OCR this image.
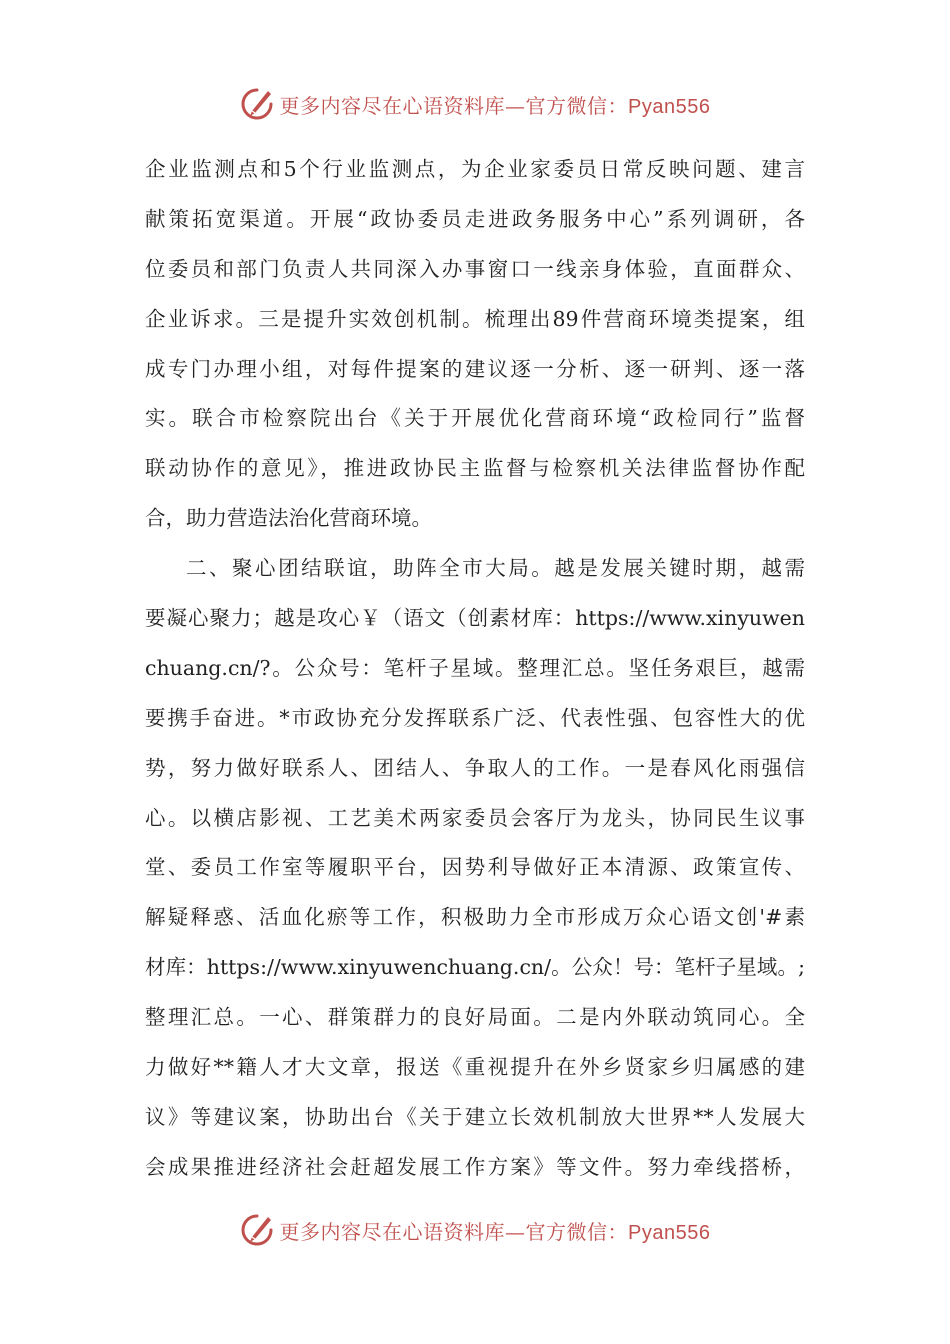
更多内容尽在心语资料库—官方微信：Pyan556
企业监测点和5个行业监测点，为企业家委员日常反映问题、建言
献策拓宽渠道。开展“政协委员走进政务服务中心”系列调研，各
位委员和部门负责人共同深入办事窗口一线亲身体验，直面群众、
企业诉求。三是提升实效创机制。梳理出89件营商环境类提案，组
成专门办理小组，对每件提案的建议逐一分析、逐一研判、逐一落
实。联合市检察院出台《关于开展优化营商环境“政检同行”监督
联动协作的意见》，推进政协民主监督与检察机关法律监督协作配
合，助力营造法治化营商环境。
二、聚心团结联谊，助阵全市大局。越是发展关键时期，越需
要凝心聚力；越是攻心￥（语文（创素材库：https://www.xinyuwen
chuang.cn/?。公众号：笔杆子星域。整理汇总。坚任务艰巨，越需
要携手奋进。*市政协充分发挥联系广泛、代表性强、包容性大的优
势，努力做好联系人、团结人、争取人的工作。一是春风化雨强信
心。以横店影视、工艺美术两家委员会客厅为龙头，协同民生议事
堂、委员工作室等履职平台，因势利导做好正本清源、政策宣传、
解疑释惑、活血化瘀等工作，积极助力全市形成万众心语文创'#素
材库：https://www.xinyuwenchuang.cn/。公众！号：笔杆子星域。;
整理汇总。一心、群策群力的良好局面。二是内外联动筑同心。全
力做好**籍人才大文章，报送《重视提升在外乡贤家乡归属感的建
议》等建议案，协助出台《关于建立长效机制放大世界**人发展大
会成果推进经济社会赶超发展工作方案》等文件。努力牵线搭桥，
更多内容尽在心语资料库—官方微信：Pyan556
